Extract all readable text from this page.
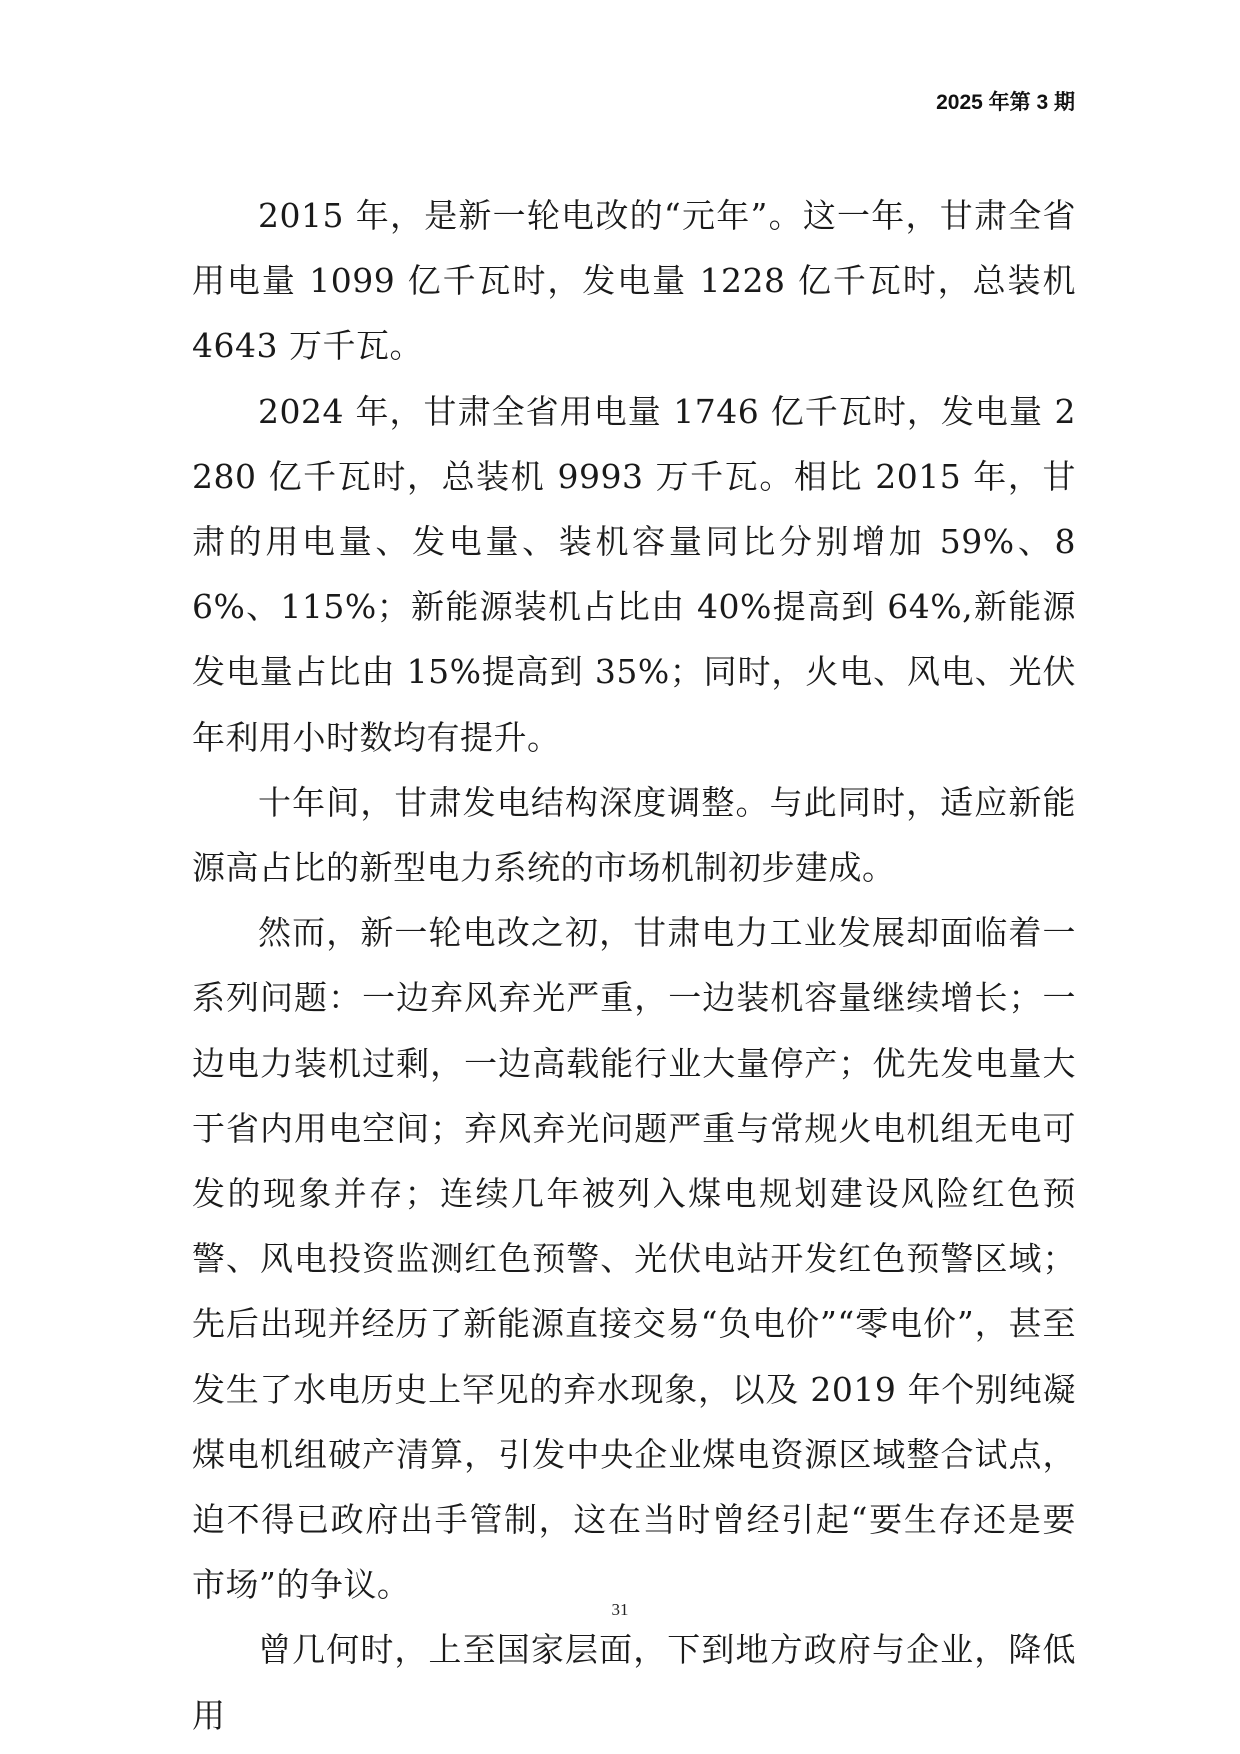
2025 年第 3 期

2015 年，是新一轮电改的“元年”。这一年，甘肃全省用电量 1099 亿千瓦时，发电量 1228 亿千瓦时，总装机 4643 万千瓦。

2024 年，甘肃全省用电量 1746 亿千瓦时，发电量 2280 亿千瓦时，总装机 9993 万千瓦。相比 2015 年，甘肃的用电量、发电量、装机容量同比分别增加 59%、86%、115%；新能源装机占比由 40%提高到 64%,新能源发电量占比由 15%提高到 35%；同时，火电、风电、光伏年利用小时数均有提升。

十年间，甘肃发电结构深度调整。与此同时，适应新能源高占比的新型电力系统的市场机制初步建成。

然而，新一轮电改之初，甘肃电力工业发展却面临着一系列问题：一边弃风弃光严重，一边装机容量继续增长；一边电力装机过剩，一边高载能行业大量停产；优先发电量大于省内用电空间；弃风弃光问题严重与常规火电机组无电可发的现象并存；连续几年被列入煤电规划建设风险红色预警、风电投资监测红色预警、光伏电站开发红色预警区域；先后出现并经历了新能源直接交易“负电价”“零电价”，甚至发生了水电历史上罕见的弃水现象，以及 2019 年个别纯凝煤电机组破产清算，引发中央企业煤电资源区域整合试点，迫不得已政府出手管制，这在当时曾经引起“要生存还是要市场”的争议。

曾几何时，上至国家层面，下到地方政府与企业，降低用

31
